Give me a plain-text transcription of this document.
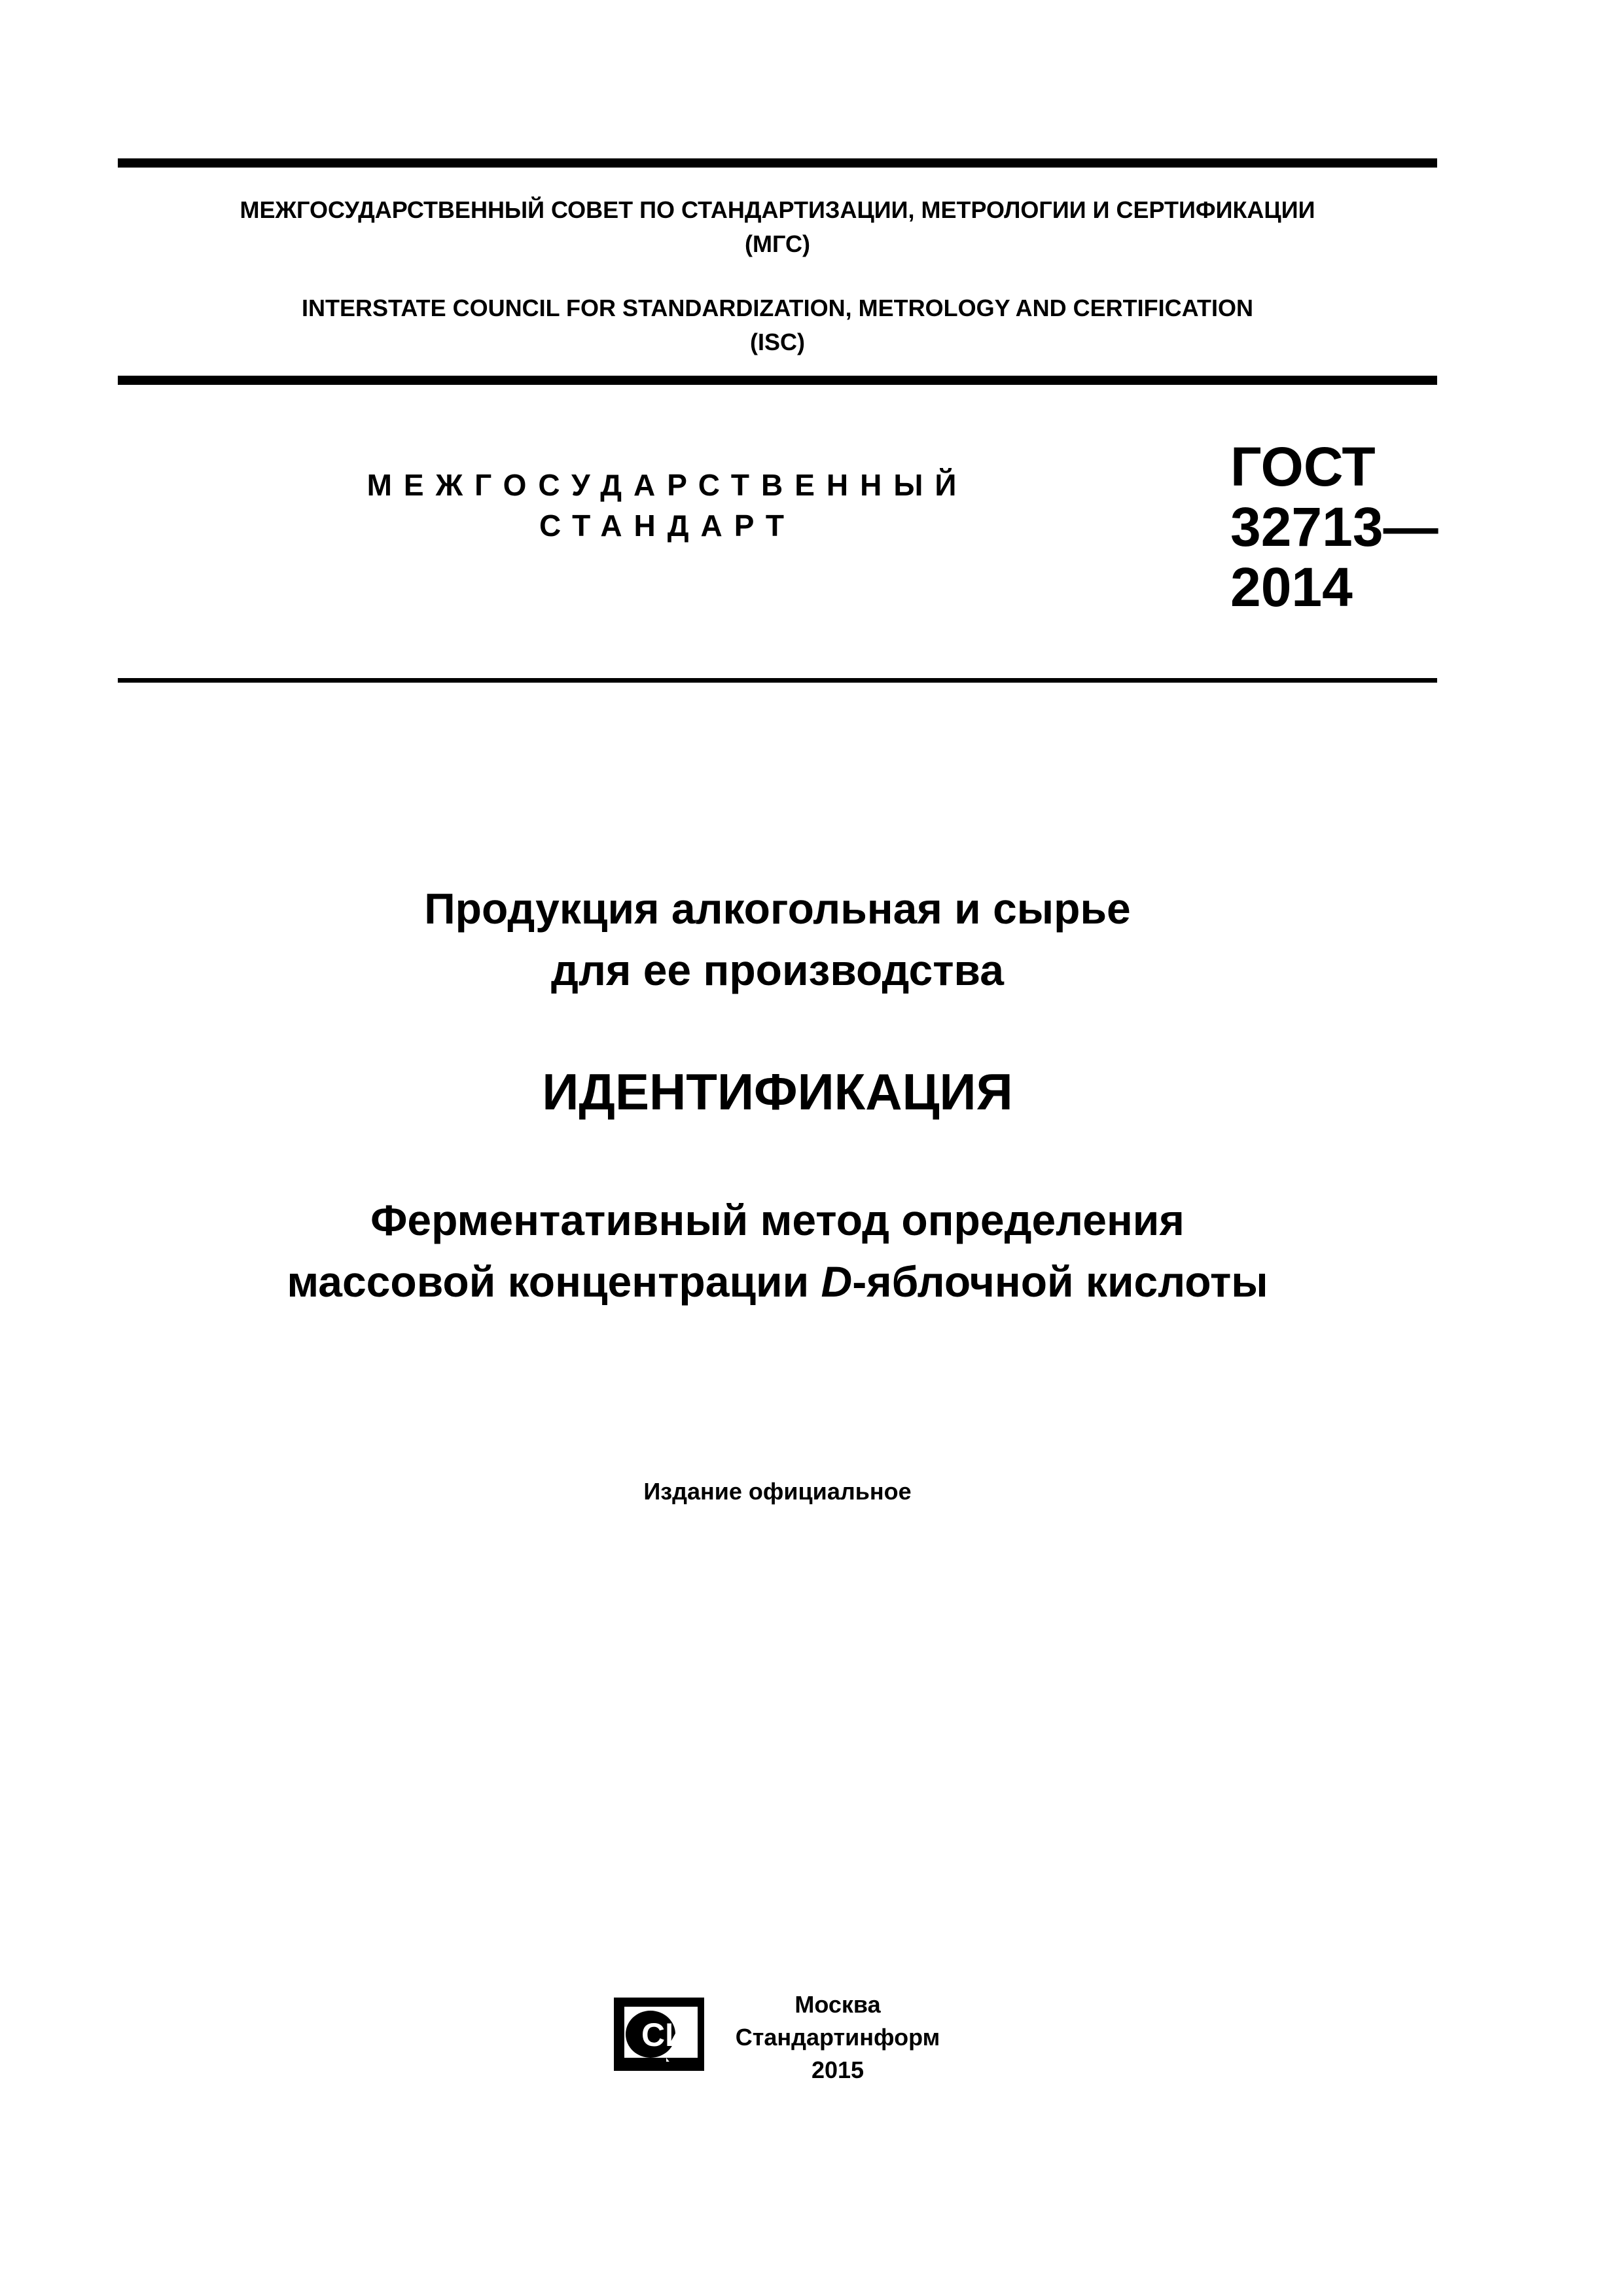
МЕЖГОСУДАРСТВЕННЫЙ СОВЕТ ПО СТАНДАРТИЗАЦИИ, МЕТРОЛОГИИ И СЕРТИФИКАЦИИ
(МГС)
INTERSTATE COUNCIL FOR STANDARDIZATION, METROLOGY AND CERTIFICATION
(ISC)
МЕЖГОСУДАРСТВЕННЫЙ
СТАНДАРТ
ГОСТ
32713—
2014
Продукция алкогольная и сырье
для ее производства
ИДЕНТИФИКАЦИЯ
Ферментативный метод определения
массовой концентрации D-яблочной кислоты
Издание официальное
СИ
Москва
Стандартинформ
2015
